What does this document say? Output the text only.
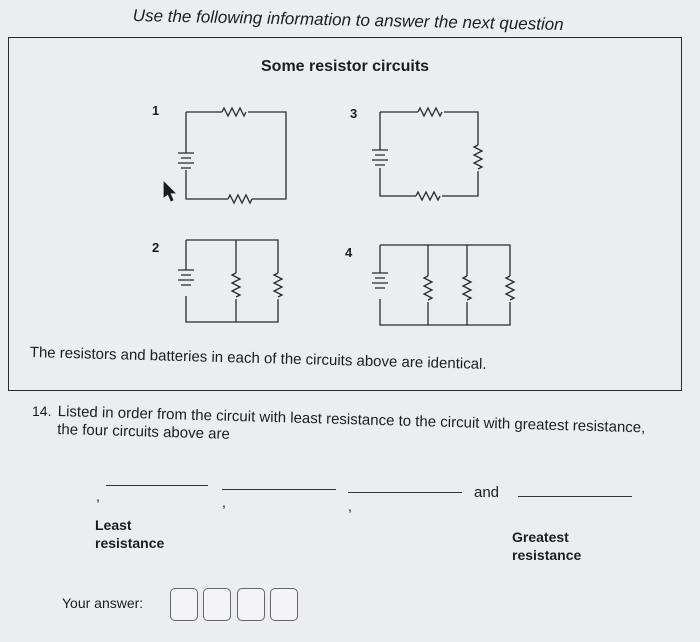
Use the following information to answer the next question
Some resistor circuits
1
2
3
4
The resistors and batteries in each of the circuits above are identical.
14. Listed in order from the circuit with least resistance to the circuit with greatest resistance, the four circuits above are
,	,	,
and
Least
resistance	Greatest
resistance
Your answer:
